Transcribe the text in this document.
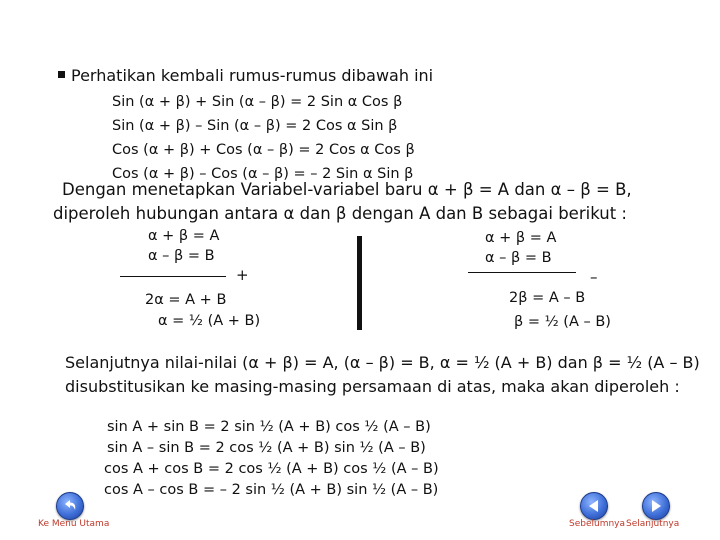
Perhatikan kembali rumus-rumus dibawah ini
Sin (α + β) + Sin (α – β) = 2 Sin α Cos β
Sin (α + β) – Sin (α – β) = 2 Cos α Sin β
Cos (α + β) + Cos (α – β) = 2 Cos α Cos β
Cos (α + β) – Cos (α – β) = – 2 Sin α Sin β
Dengan menetapkan Variabel-variabel baru α + β = A dan α – β = B,
diperoleh hubungan antara α dan β dengan A dan B sebagai berikut :
α + β = A
α – β = B
+
2α = A + B
α = ½ (A + B)
α + β = A
α – β = B
–
2β = A – B
β = ½ (A – B)
Selanjutnya nilai-nilai (α + β) = A, (α – β) = B, α = ½ (A + B) dan β = ½ (A – B)
disubstitusikan ke masing-masing persamaan di atas, maka akan diperoleh :
sin A + sin B = 2 sin ½ (A + B) cos ½ (A – B)
sin A – sin B = 2 cos ½ (A + B) sin ½ (A – B)
cos A + cos B = 2 cos ½ (A + B) cos ½ (A – B)
cos A – cos B = – 2 sin ½ (A + B) sin ½ (A – B)
Ke Menu Utama	Sebelumnya Selanjutnya
